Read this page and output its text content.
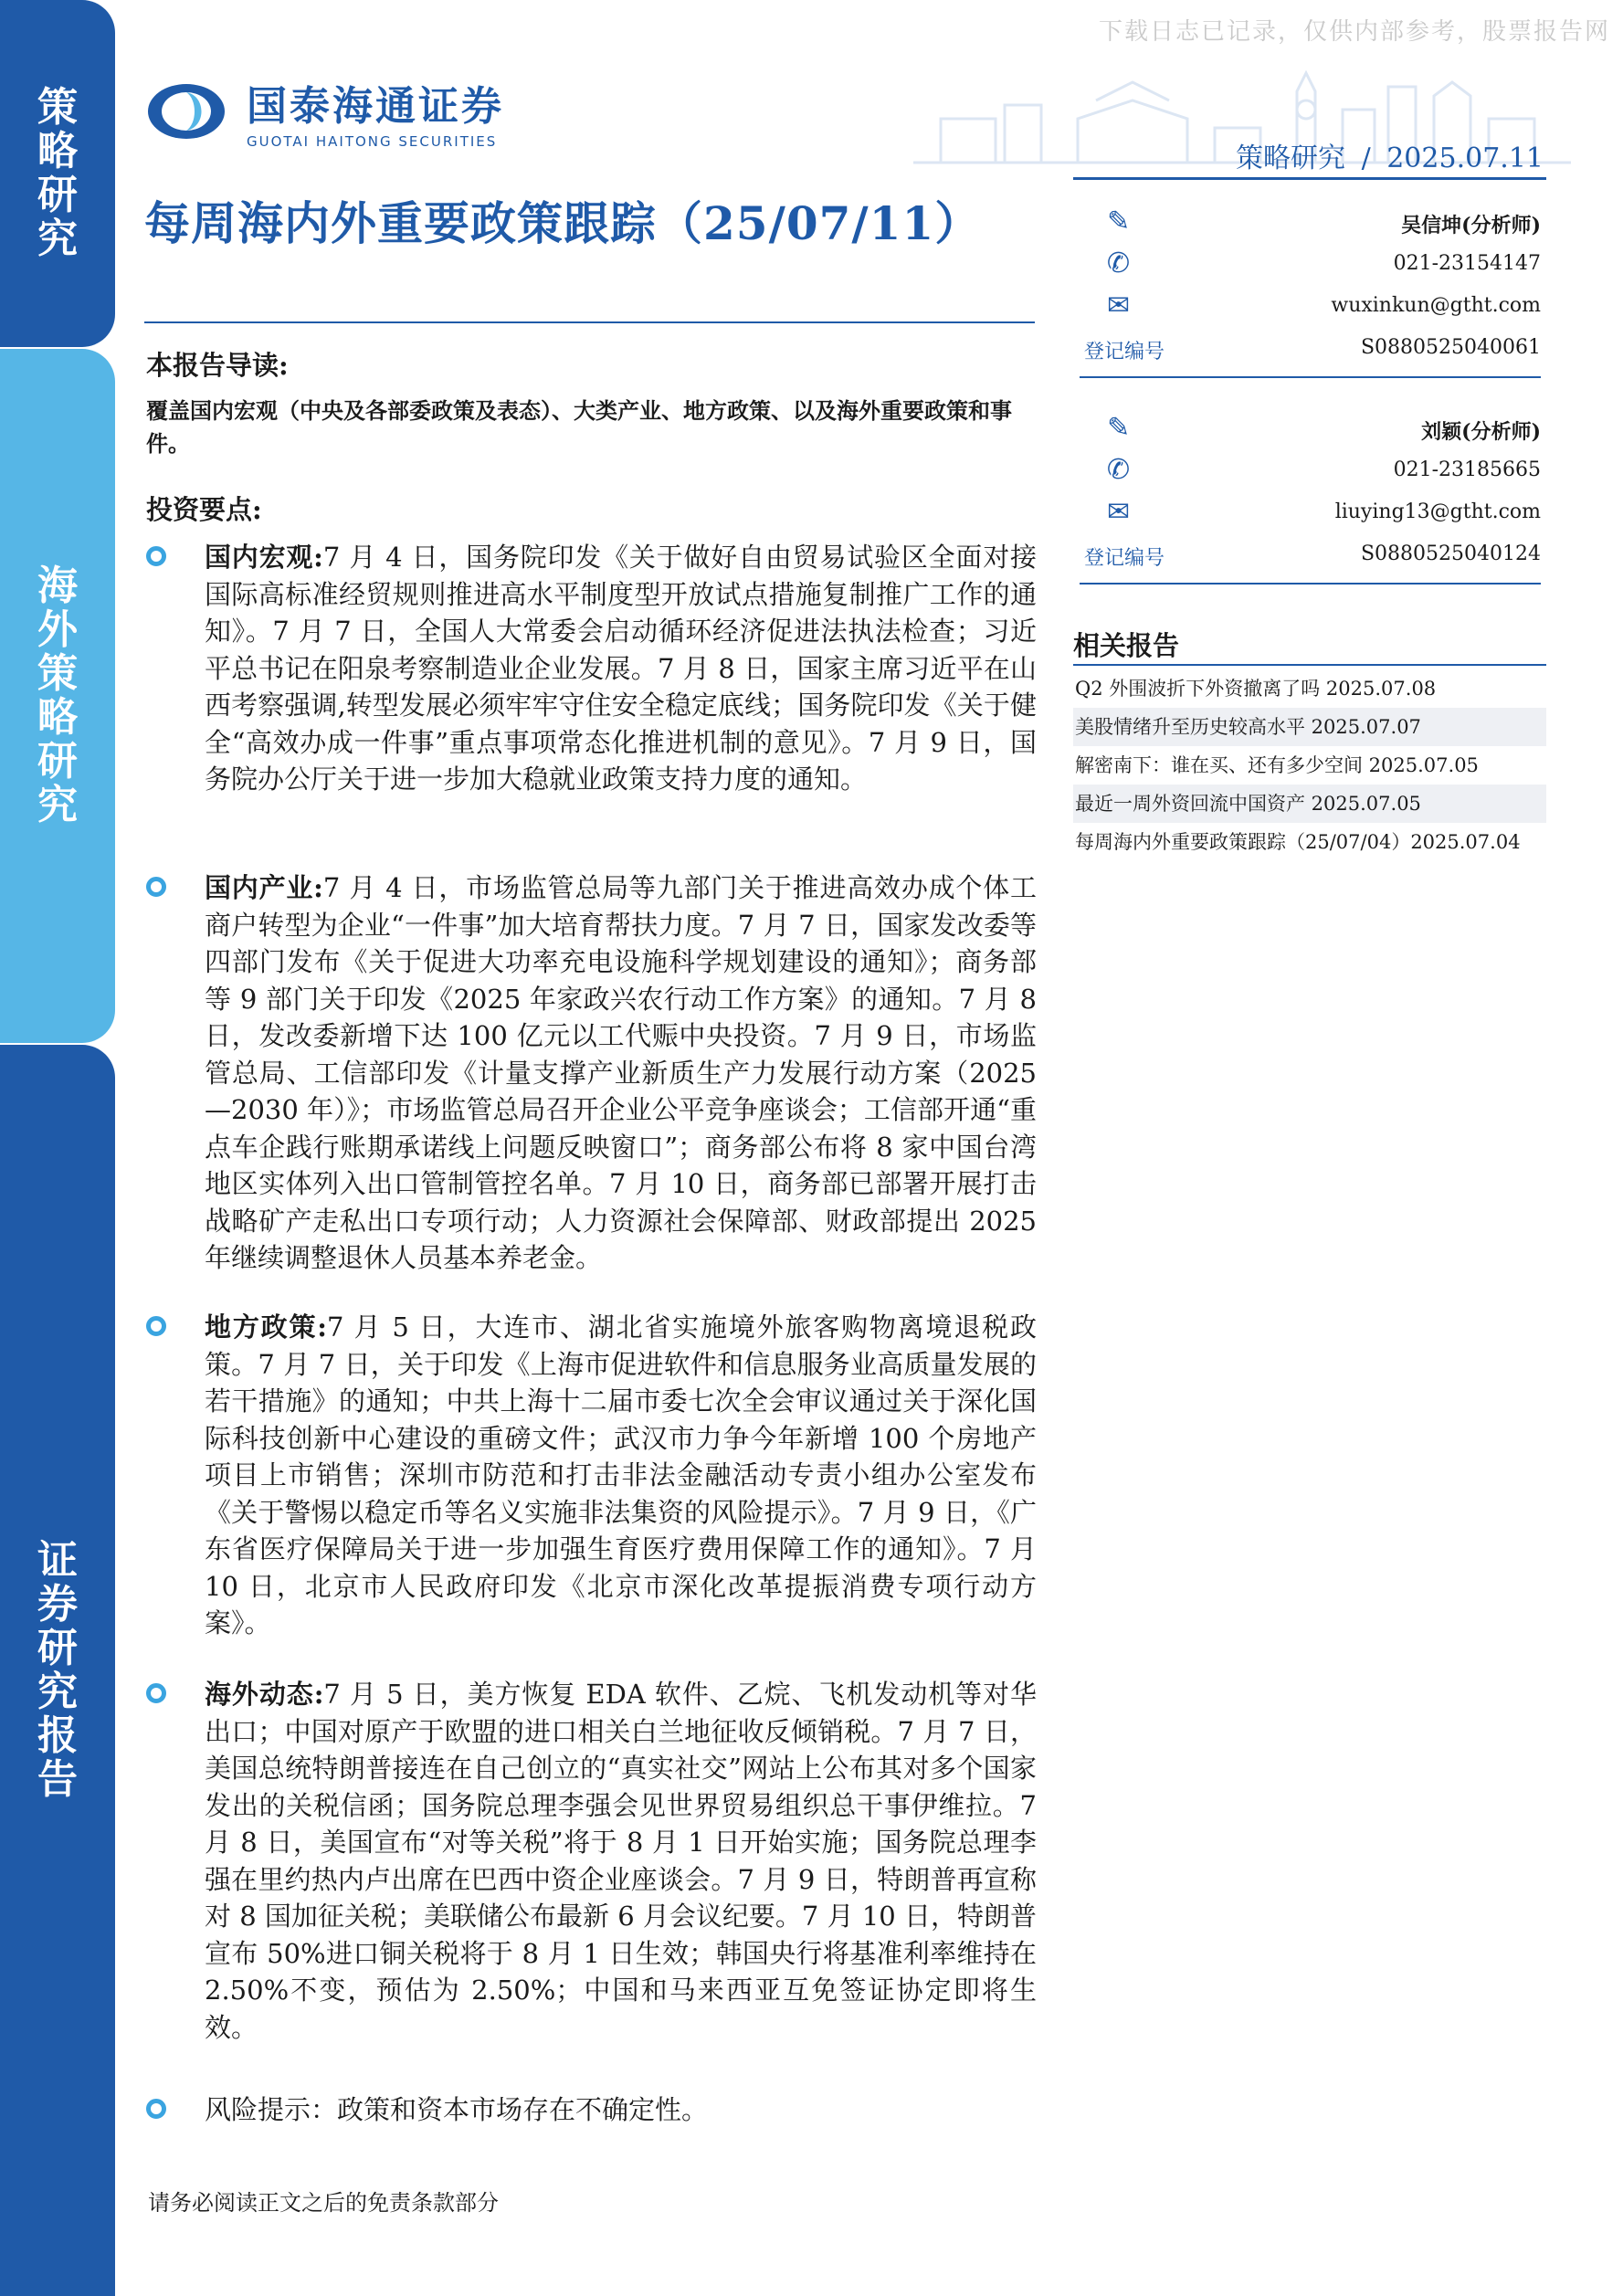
策
略
研
究
海
外
策
略
研
究
证
券
研
究
报
告
下载日志已记录，仅供内部参考，股票报告网
国泰海通证券
GUOTAI HAITONG SECURITIES
策略研究 / 2025.07.11
每周海内外重要政策跟踪（25/07/11）
本报告导读:
覆盖国内宏观（中央及各部委政策及表态）、大类产业、地方政策、以及海外重要政策和事件。
投资要点:

国内宏观:7 月 4 日，国务院印发《关于做好自由贸易试验区全面对接国际高标准经贸规则推进高水平制度型开放试点措施复制推广工作的通知》。7 月 7 日，全国人大常委会启动循环经济促进法执法检查；习近平总书记在阳泉考察制造业企业发展。7 月 8 日，国家主席习近平在山西考察强调,转型发展必须牢牢守住安全稳定底线；国务院印发《关于健全“高效办成一件事”重点事项常态化推进机制的意见》。7 月 9 日，国务院办公厅关于进一步加大稳就业政策支持力度的通知。

国内产业:7 月 4 日，市场监管总局等九部门关于推进高效办成个体工商户转型为企业“一件事”加大培育帮扶力度。7 月 7 日，国家发改委等四部门发布《关于促进大功率充电设施科学规划建设的通知》；商务部等 9 部门关于印发《2025 年家政兴农行动工作方案》的通知。7 月 8 日，发改委新增下达 100 亿元以工代赈中央投资。7 月 9 日，市场监管总局、工信部印发《计量支撑产业新质生产力发展行动方案（2025—2030 年）》；市场监管总局召开企业公平竞争座谈会；工信部开通“重点车企践行账期承诺线上问题反映窗口”；商务部公布将 8 家中国台湾地区实体列入出口管制管控名单。7 月 10 日，商务部已部署开展打击战略矿产走私出口专项行动；人力资源社会保障部、财政部提出 2025 年继续调整退休人员基本养老金。

地方政策:7 月 5 日，大连市、湖北省实施境外旅客购物离境退税政策。7 月 7 日，关于印发《上海市促进软件和信息服务业高质量发展的若干措施》的通知；中共上海十二届市委七次全会审议通过关于深化国际科技创新中心建设的重磅文件；武汉市力争今年新增 100 个房地产项目上市销售；深圳市防范和打击非法金融活动专责小组办公室发布《关于警惕以稳定币等名义实施非法集资的风险提示》。7 月 9 日，《广东省医疗保障局关于进一步加强生育医疗费用保障工作的通知》。7 月 10 日，北京市人民政府印发《北京市深化改革提振消费专项行动方案》。

海外动态:7 月 5 日，美方恢复 EDA 软件、乙烷、飞机发动机等对华出口；中国对原产于欧盟的进口相关白兰地征收反倾销税。7 月 7 日，美国总统特朗普接连在自己创立的“真实社交”网站上公布其对多个国家发出的关税信函；国务院总理李强会见世界贸易组织总干事伊维拉。7 月 8 日，美国宣布“对等关税”将于 8 月 1 日开始实施；国务院总理李强在里约热内卢出席在巴西中资企业座谈会。7 月 9 日，特朗普再宣称对 8 国加征关税；美联储公布最新 6 月会议纪要。7 月 10 日，特朗普宣布 50%进口铜关税将于 8 月 1 日生效；韩国央行将基准利率维持在 2.50%不变，预估为 2.50%；中国和马来西亚互免签证协定即将生效。

风险提示：政策和资本市场存在不确定性。

请务必阅读正文之后的免责条款部分
✎	吴信坤(分析师)
✆	021-23154147
✉	wuxinkun@gtht.com
登记编号	S0880525040061
✎	刘颖(分析师)
✆	021-23185665
✉	liuying13@gtht.com
登记编号	S0880525040124
相关报告
Q2 外围波折下外资撤离了吗 2025.07.08
美股情绪升至历史较高水平 2025.07.07
解密南下：谁在买、还有多少空间 2025.07.05
最近一周外资回流中国资产 2025.07.05
每周海内外重要政策跟踪（25/07/04）2025.07.04
